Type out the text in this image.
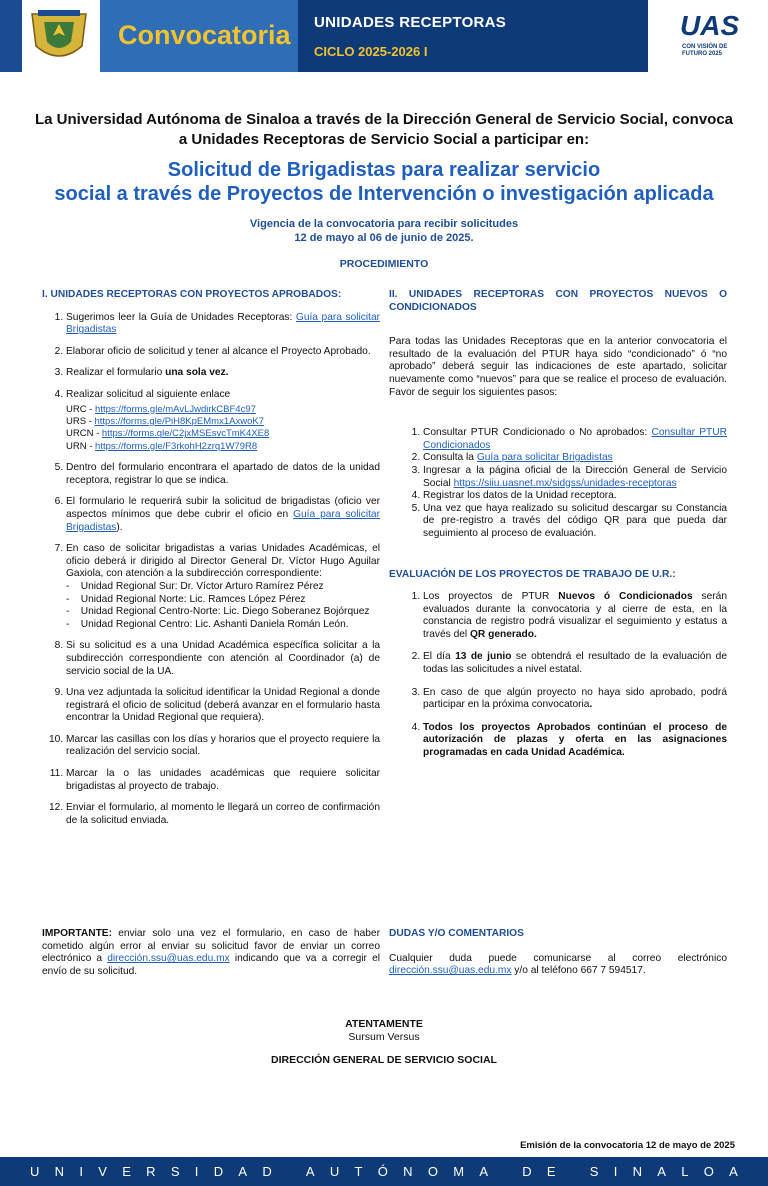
Convocatoria UNIDADES RECEPTORAS
CICLO 2025-2026 I
UAS
CON VISIÓN DE FUTURO 2025
La Universidad Autónoma de Sinaloa a través de la Dirección General de Servicio Social, convoca a Unidades Receptoras de Servicio Social a participar en:
Solicitud de Brigadistas para realizar servicio
social a través de Proyectos de Intervención o investigación aplicada
Vigencia de la convocatoria para recibir solicitudes
12 de mayo al 06 de junio de 2025.
PROCEDIMIENTO
I. UNIDADES RECEPTORAS CON PROYECTOS APROBADOS:
1. Sugerimos leer la Guía de Unidades Receptoras: Guía para solicitar Brigadistas
2. Elaborar oficio de solicitud y tener al alcance el Proyecto Aprobado.
3. Realizar el formulario una sola vez.
4. Realizar solicitud al siguiente enlace
URC - https://forms.gle/mAvLJwdirkCBF4c97
URS - https://forms.gle/PiH8KpEMmx1AxwoK7
URCN - https://forms.gle/C2jxMSEsvcTmK4XE8
URN - https://forms.gle/F3rkohH2zrq1W79R8
5. Dentro del formulario encontrara el apartado de datos de la unidad receptora, registrar lo que se indica.
6. El formulario le requerirá subir la solicitud de brigadistas (oficio ver aspectos mínimos que debe cubrir el oficio en Guía para solicitar Brigadistas).
7. En caso de solicitar brigadistas a varias Unidades Académicas, el oficio deberá ir dirigido al Director General Dr. Víctor Hugo Aguilar Gaxiola, con atención a la subdirección correspondiente:
-    Unidad Regional Sur: Dr. Víctor Arturo Ramírez Pérez
-    Unidad Regional Norte: Lic. Ramces López Pérez
-    Unidad Regional Centro-Norte: Lic. Diego Soberanez Bojórquez
-    Unidad Regional Centro: Lic. Ashanti Daniela Román León.
8. Si su solicitud es a una Unidad Académica específica solicitar a la subdirección correspondiente con atención al Coordinador (a) de servicio social de la UA.
9. Una vez adjuntada la solicitud identificar la Unidad Regional a donde registrará el oficio de solicitud (deberá avanzar en el formulario hasta encontrar la Unidad Regional que requiera).
10. Marcar las casillas con los días y horarios que el proyecto requiere la realización del servicio social.
11. Marcar la o las unidades académicas que requiere solicitar brigadistas al proyecto de trabajo.
12. Enviar el formulario, al momento le llegará un correo de confirmación de la solicitud enviada.
II. UNIDADES RECEPTORAS CON PROYECTOS NUEVOS O CONDICIONADOS

Para todas las Unidades Receptoras que en la anterior convocatoria el resultado de la evaluación del PTUR haya sido “condicionado” ó “no aprobado” deberá seguir las indicaciones de este apartado, solicitar nuevamente como “nuevos” para que se realice el proceso de evaluación. Favor de seguir los siguientes pasos:

1. Consultar PTUR Condicionado o No aprobados: Consultar PTUR Condicionados
2. Consulta la Guía para solicitar Brigadistas
3. Ingresar a la página oficial de la Dirección General de Servicio Social https://siiu.uasnet.mx/sidgss/unidades-receptoras
4. Registrar los datos de la Unidad receptora.
5. Una vez que haya realizado su solicitud descargar su Constancia de pre-registro a través del código QR para que pueda dar seguimiento al proceso de evaluación.
EVALUACIÓN DE LOS PROYECTOS DE TRABAJO DE U.R.:
1. Los proyectos de PTUR Nuevos ó Condicionados serán evaluados durante la convocatoria y al cierre de esta, en la constancia de registro podrá visualizar el seguimiento y estatus a través del QR generado.
2. El día 13 de junio se obtendrá el resultado de la evaluación de todas las solicitudes a nivel estatal.
3. En caso de que algún proyecto no haya sido aprobado, podrá participar en la próxima convocatoria.
4. Todos los proyectos Aprobados continúan el proceso de autorización de plazas y oferta en las asignaciones programadas en cada Unidad Académica.
IMPORTANTE: enviar solo una vez el formulario, en caso de haber cometido algún error al enviar su solicitud favor de enviar un correo electrónico a dirección.ssu@uas.edu.mx indicando que va a corregir el envío de su solicitud.
DUDAS Y/O COMENTARIOS
Cualquier duda puede comunicarse al correo electrónico dirección.ssu@uas.edu.mx y/o al teléfono 667 7 594517.
ATENTAMENTE
Sursum Versus
DIRECCIÓN GENERAL DE SERVICIO SOCIAL
Emisión de la convocatoria 12 de mayo de 2025
U N I V E R S I D A D
	A U T Ó N O M A
	D E
	S I N A L O A
